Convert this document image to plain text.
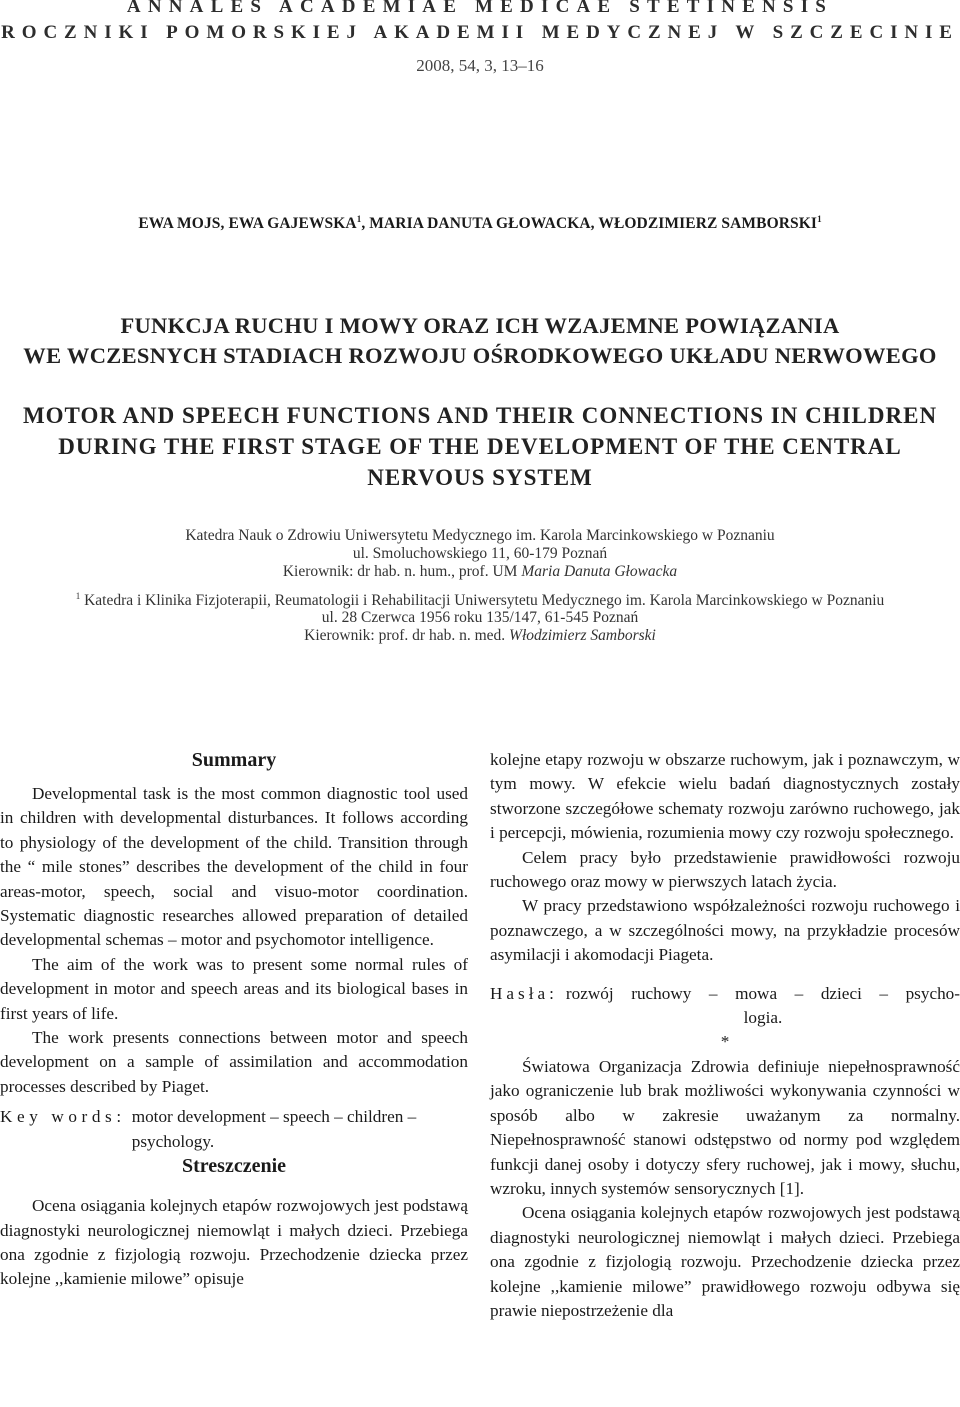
ANNALES ACADEMIAE MEDICAE STETINENSIS
ROCZNIKI POMORSKIEJ AKADEMII MEDYCZNEJ W SZCZECINIE
2008, 54, 3, 13–16
EWA MOJS, EWA GAJEWSKA$^1$, MARIA DANUTA GŁOWACKA, WŁODZIMIERZ SAMBORSKI$^1$
FUNKCJA RUCHU I MOWY ORAZ ICH WZAJEMNE POWIĄZANIA
WE WCZESNYCH STADIACH ROZWOJU OŚRODKOWEGO UKŁADU NERWOWEGO
MOTOR AND SPEECH FUNCTIONS AND THEIR CONNECTIONS IN CHILDREN
DURING THE FIRST STAGE OF THE DEVELOPMENT OF THE CENTRAL
NERVOUS SYSTEM
Katedra Nauk o Zdrowiu Uniwersytetu Medycznego im. Karola Marcinkowskiego w Poznaniu
ul. Smoluchowskiego 11, 60-179 Poznań
Kierownik: dr hab. n. hum., prof. UM Maria Danuta Głowacka
$^1$ Katedra i Klinika Fizjoterapii, Reumatologii i Rehabilitacji Uniwersytetu Medycznego im. Karola Marcinkowskiego w Poznaniu
ul. 28 Czerwca 1956 roku 135/147, 61-545 Poznań
Kierownik: prof. dr hab. n. med. Włodzimierz Samborski

Summary

Developmental task is the most common diagnostic tool used in children with developmental disturbances. It follows according to physiology of the development of the child. Transition through the “ mile stones” describes the development of the child in four areas-motor, speech, social and visuo-motor coordination. Systematic diagnostic researches allowed preparation of detailed developmental schemas – motor and psychomotor intelligence.

The aim of the work was to present some normal rules of development in motor and speech areas and its biological bases in first years of life.

The work presents connections between motor and speech development on a sample of assimilation and accommodation processes described by Piaget.

Key words: motor development – speech – children – psychology.

Streszczenie

Ocena osiągania kolejnych etapów rozwojowych jest podstawą diagnostyki neurologicznej niemowląt i małych dzieci. Przebiega ona zgodnie z fizjologią rozwoju. Przechodzenie dziecka przez kolejne ,,kamienie milowe” opisuje

kolejne etapy rozwoju w obszarze ruchowym, jak i poznawczym, w tym mowy. W efekcie wielu badań diagnostycznych zostały stworzone szczegółowe schematy rozwoju zarówno ruchowego, jak i percepcji, mówienia, rozumienia mowy czy rozwoju społecznego.

Celem pracy było przedstawienie prawidłowości rozwoju ruchowego oraz mowy w pierwszych latach życia.

W pracy przedstawiono współzależności rozwoju ruchowego i poznawczego, a w szczególności mowy, na przykładzie procesów asymilacji i akomodacji Piageta.

Hasła: rozwój ruchowy – mowa – dzieci – psycho-
logia.

*

Światowa Organizacja Zdrowia definiuje niepełnosprawność jako ograniczenie lub brak możliwości wykonywania czynności w sposób albo w zakresie uważanym za normalny. Niepełnosprawność stanowi odstępstwo od normy pod względem funkcji danej osoby i dotyczy sfery ruchowej, jak i mowy, słuchu, wzroku, innych systemów sensorycznych [1].

Ocena osiągania kolejnych etapów rozwojowych jest podstawą diagnostyki neurologicznej niemowląt i małych dzieci. Przebiega ona zgodnie z fizjologią rozwoju. Przechodzenie dziecka przez kolejne ,,kamienie milowe” prawidłowego rozwoju odbywa się prawie niepostrzeżenie dla
